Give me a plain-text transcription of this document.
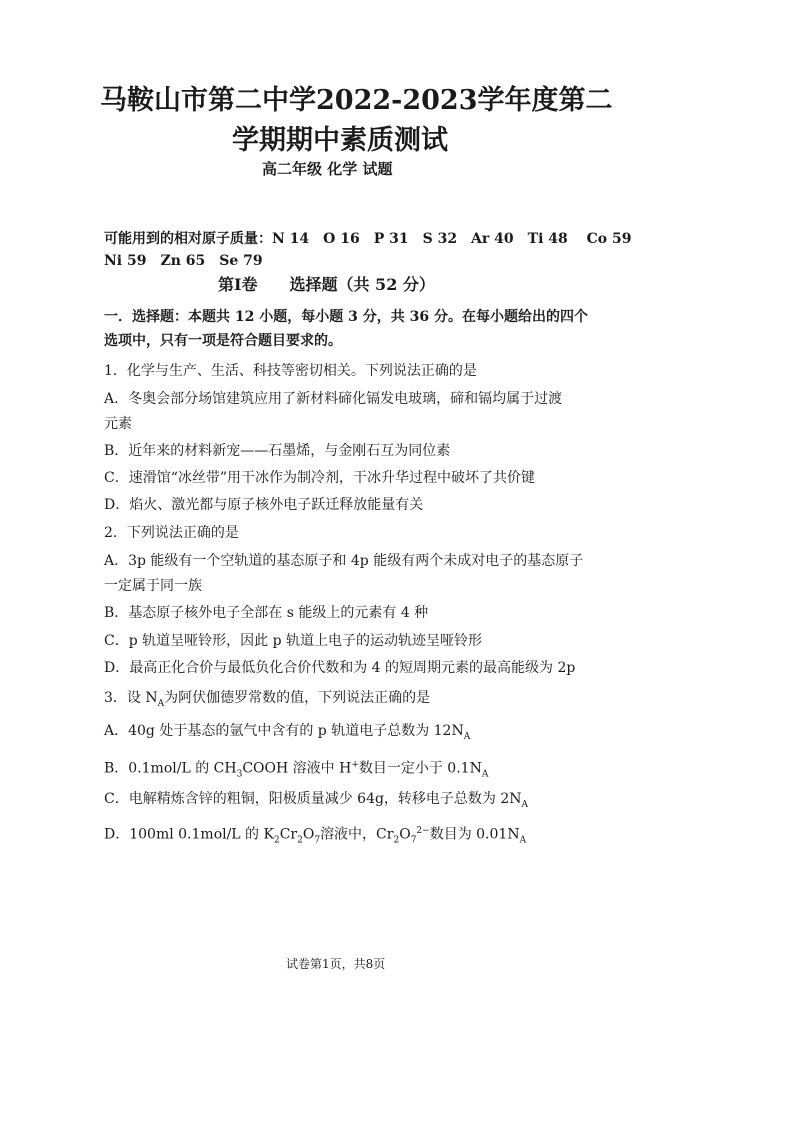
马鞍山市第二中学2022-2023学年度第二
学期期中素质测试
高二年级 化学 试题
可能用到的相对原子质量：N 14　O 16　P 31　S 32　Ar 40　Ti 48　 Co 59
Ni 59　Zn 65　Se 79
第Ⅰ卷　　选择题（共 52 分）
一．选择题：本题共 12 小题，每小题 3 分，共 36 分。在每小题给出的四个
选项中，只有一项是符合题目要求的。
1．化学与生产、生活、科技等密切相关。下列说法正确的是
A．冬奥会部分场馆建筑应用了新材料碲化镉发电玻璃，碲和镉均属于过渡
元素
B．近年来的材料新宠——石墨烯，与金刚石互为同位素
C．速滑馆“冰丝带”用干冰作为制冷剂，干冰升华过程中破坏了共价键
D．焰火、激光都与原子核外电子跃迁释放能量有关
2．下列说法正确的是
A．3p 能级有一个空轨道的基态原子和 4p 能级有两个未成对电子的基态原子
一定属于同一族
B．基态原子核外电子全部在 s 能级上的元素有 4 种
C．p 轨道呈哑铃形，因此 p 轨道上电子的运动轨迹呈哑铃形
D．最高正化合价与最低负化合价代数和为 4 的短周期元素的最高能级为 2p
3．设 $N_A$为阿伏伽德罗常数的值，下列说法正确的是
A．40g 处于基态的氩气中含有的 p 轨道电子总数为 $12N_A$
B．0.1mol/L 的 $CH_3COOH$ 溶液中 H+数目一定小于 $0.1N_A$
C．电解精炼含锌的粗铜，阳极质量减少 64g，转移电子总数为 $2N_A$
D．100ml 0.1mol/L 的 $K_2Cr_2O_7$溶液中，$Cr_2O_7^{2-}$数目为 $0.01N_A$
试卷第1页，共8页
